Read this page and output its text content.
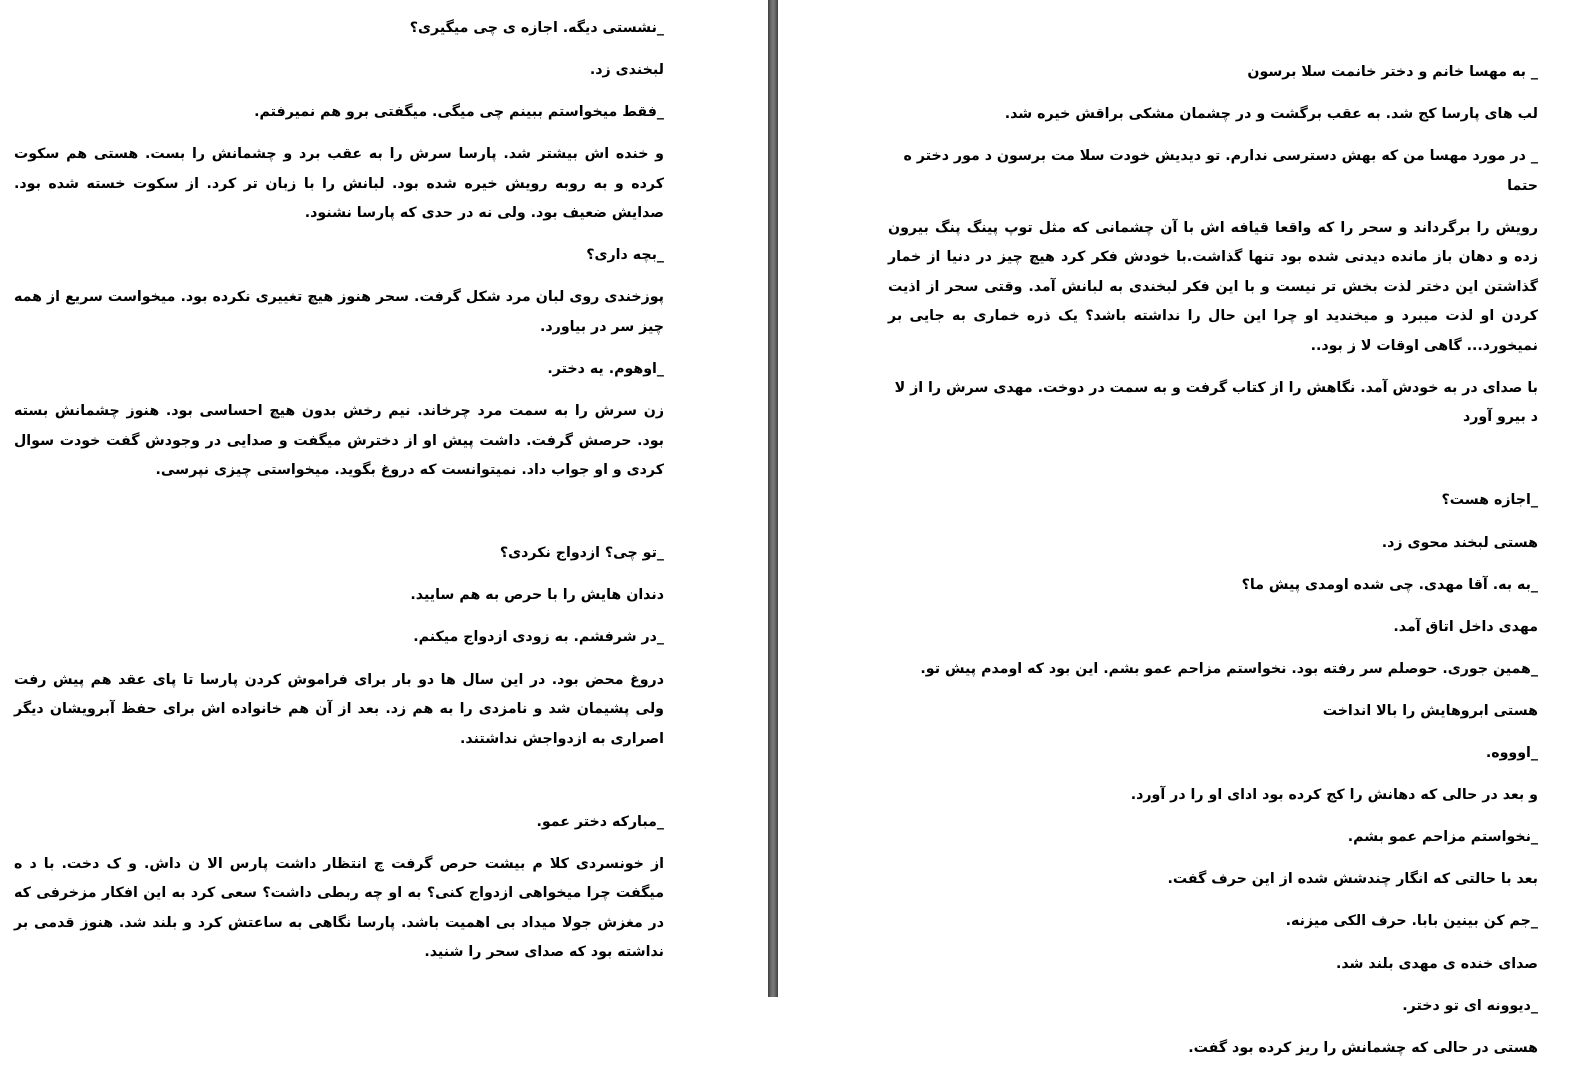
_نشستی دیگه. اجازه ی چی میگیری؟

لبخندی زد.

_فقط میخواستم ببینم چی میگی. میگفتی برو هم نمیرفتم.

و خنده اش بیشتر شد. پارسا سرش را به عقب برد و چشمانش را بست. هستی هم سکوت کرده و به روبه رویش خیره شده بود. لبانش را با زبان تر کرد. از سکوت خسته شده بود. صدایش ضعیف بود. ولی نه در حدی که پارسا نشنود.

_بچه داری؟

پوزخندی روی لبان مرد شکل گرفت. سحر هنوز هیچ تغییری نکرده بود. میخواست سریع از همه چیز سر در بیاورد.

_اوهوم. یه دختر.

زن سرش را به سمت مرد چرخاند. نیم رخش بدون هیچ احساسی بود. هنوز چشمانش بسته بود. حرصش گرفت. داشت پیش او از دخترش میگفت و صدایی در وجودش گفت خودت سوال کردی و او جواب داد. نمیتوانست که دروغ بگوید. میخواستی چیزی نپرسی.

_تو چی؟ ازدواج نکردی؟

دندان هایش را با حرص به هم سایید.

_در شرفشم. به زودی ازدواج میکنم.

دروغ محض بود. در این سال ها دو بار برای فراموش کردن پارسا تا پای عقد هم پیش رفت ولی پشیمان شد و نامزدی را به هم زد. بعد از آن هم خانواده اش برای حفظ آبرویشان دیگر اصراری به ازدواجش نداشتند.

_مبارکه دختر عمو.

از خونسردی کلا م بیشت حرص گرفت چ انتظار داشت پارس الا ن داش. و ک دخت. با د ه میگفت چرا میخواهی ازدواج کنی؟ به او چه ربطی داشت؟ سعی کرد به این افکار مزخرفی که در مغزش جولا میداد بی اهمیت باشد. پارسا نگاهی به ساعتش کرد و بلند شد. هنوز قدمی بر نداشته بود که صدای سحر را شنید.

_ به مهسا خانم و دختر خانمت سلا برسون

لب های پارسا کج شد. به عقب برگشت و در چشمان مشکی براقش خیره شد.

_ در مورد مهسا من که بهش دسترسی ندارم. تو دیدیش خودت سلا مت برسون د مور دختر ه حتما

رویش را برگرداند و سحر را که واقعا قیافه اش با آن چشمانی که مثل توپ پینگ پنگ بیرون زده و دهان باز مانده دیدنی شده بود تنها گذاشت.با خودش فکر کرد هیچ چیز در دنیا از خمار گذاشتن این دختر لذت بخش تر نیست و با این فکر لبخندی به لبانش آمد. وقتی سحر از اذیت کردن او لذت میبرد و میخندید او چرا این حال را نداشته باشد؟ یک ذره خماری به جایی بر نمیخورد... گاهی اوقات لا ز بود..

با صدای در به خودش آمد. نگاهش را از کتاب گرفت و به سمت در دوخت. مهدی سرش را از لا د بیرو آورد

_اجازه هست؟

هستی لبخند محوی زد.

_به به. آقا مهدی. چی شده اومدی پیش ما؟

مهدی داخل اتاق آمد.

_همین جوری. حوصلم سر رفته بود. نخواستم مزاحم عمو بشم. این بود که اومدم پیش تو.

هستی ابروهایش را بالا انداخت

_اوووه.

و بعد در حالی که دهانش را کج کرده بود ادای او را در آورد.

_نخواستم مزاحم عمو بشم.

بعد با حالتی که انگار چندشش شده از این حرف گفت.

_جم کن بینین بابا. حرف الکی میزنه.

صدای خنده ی مهدی بلند شد.

_دیوونه ای تو دختر.

هستی در حالی که چشمانش را ریز کرده بود گفت.
